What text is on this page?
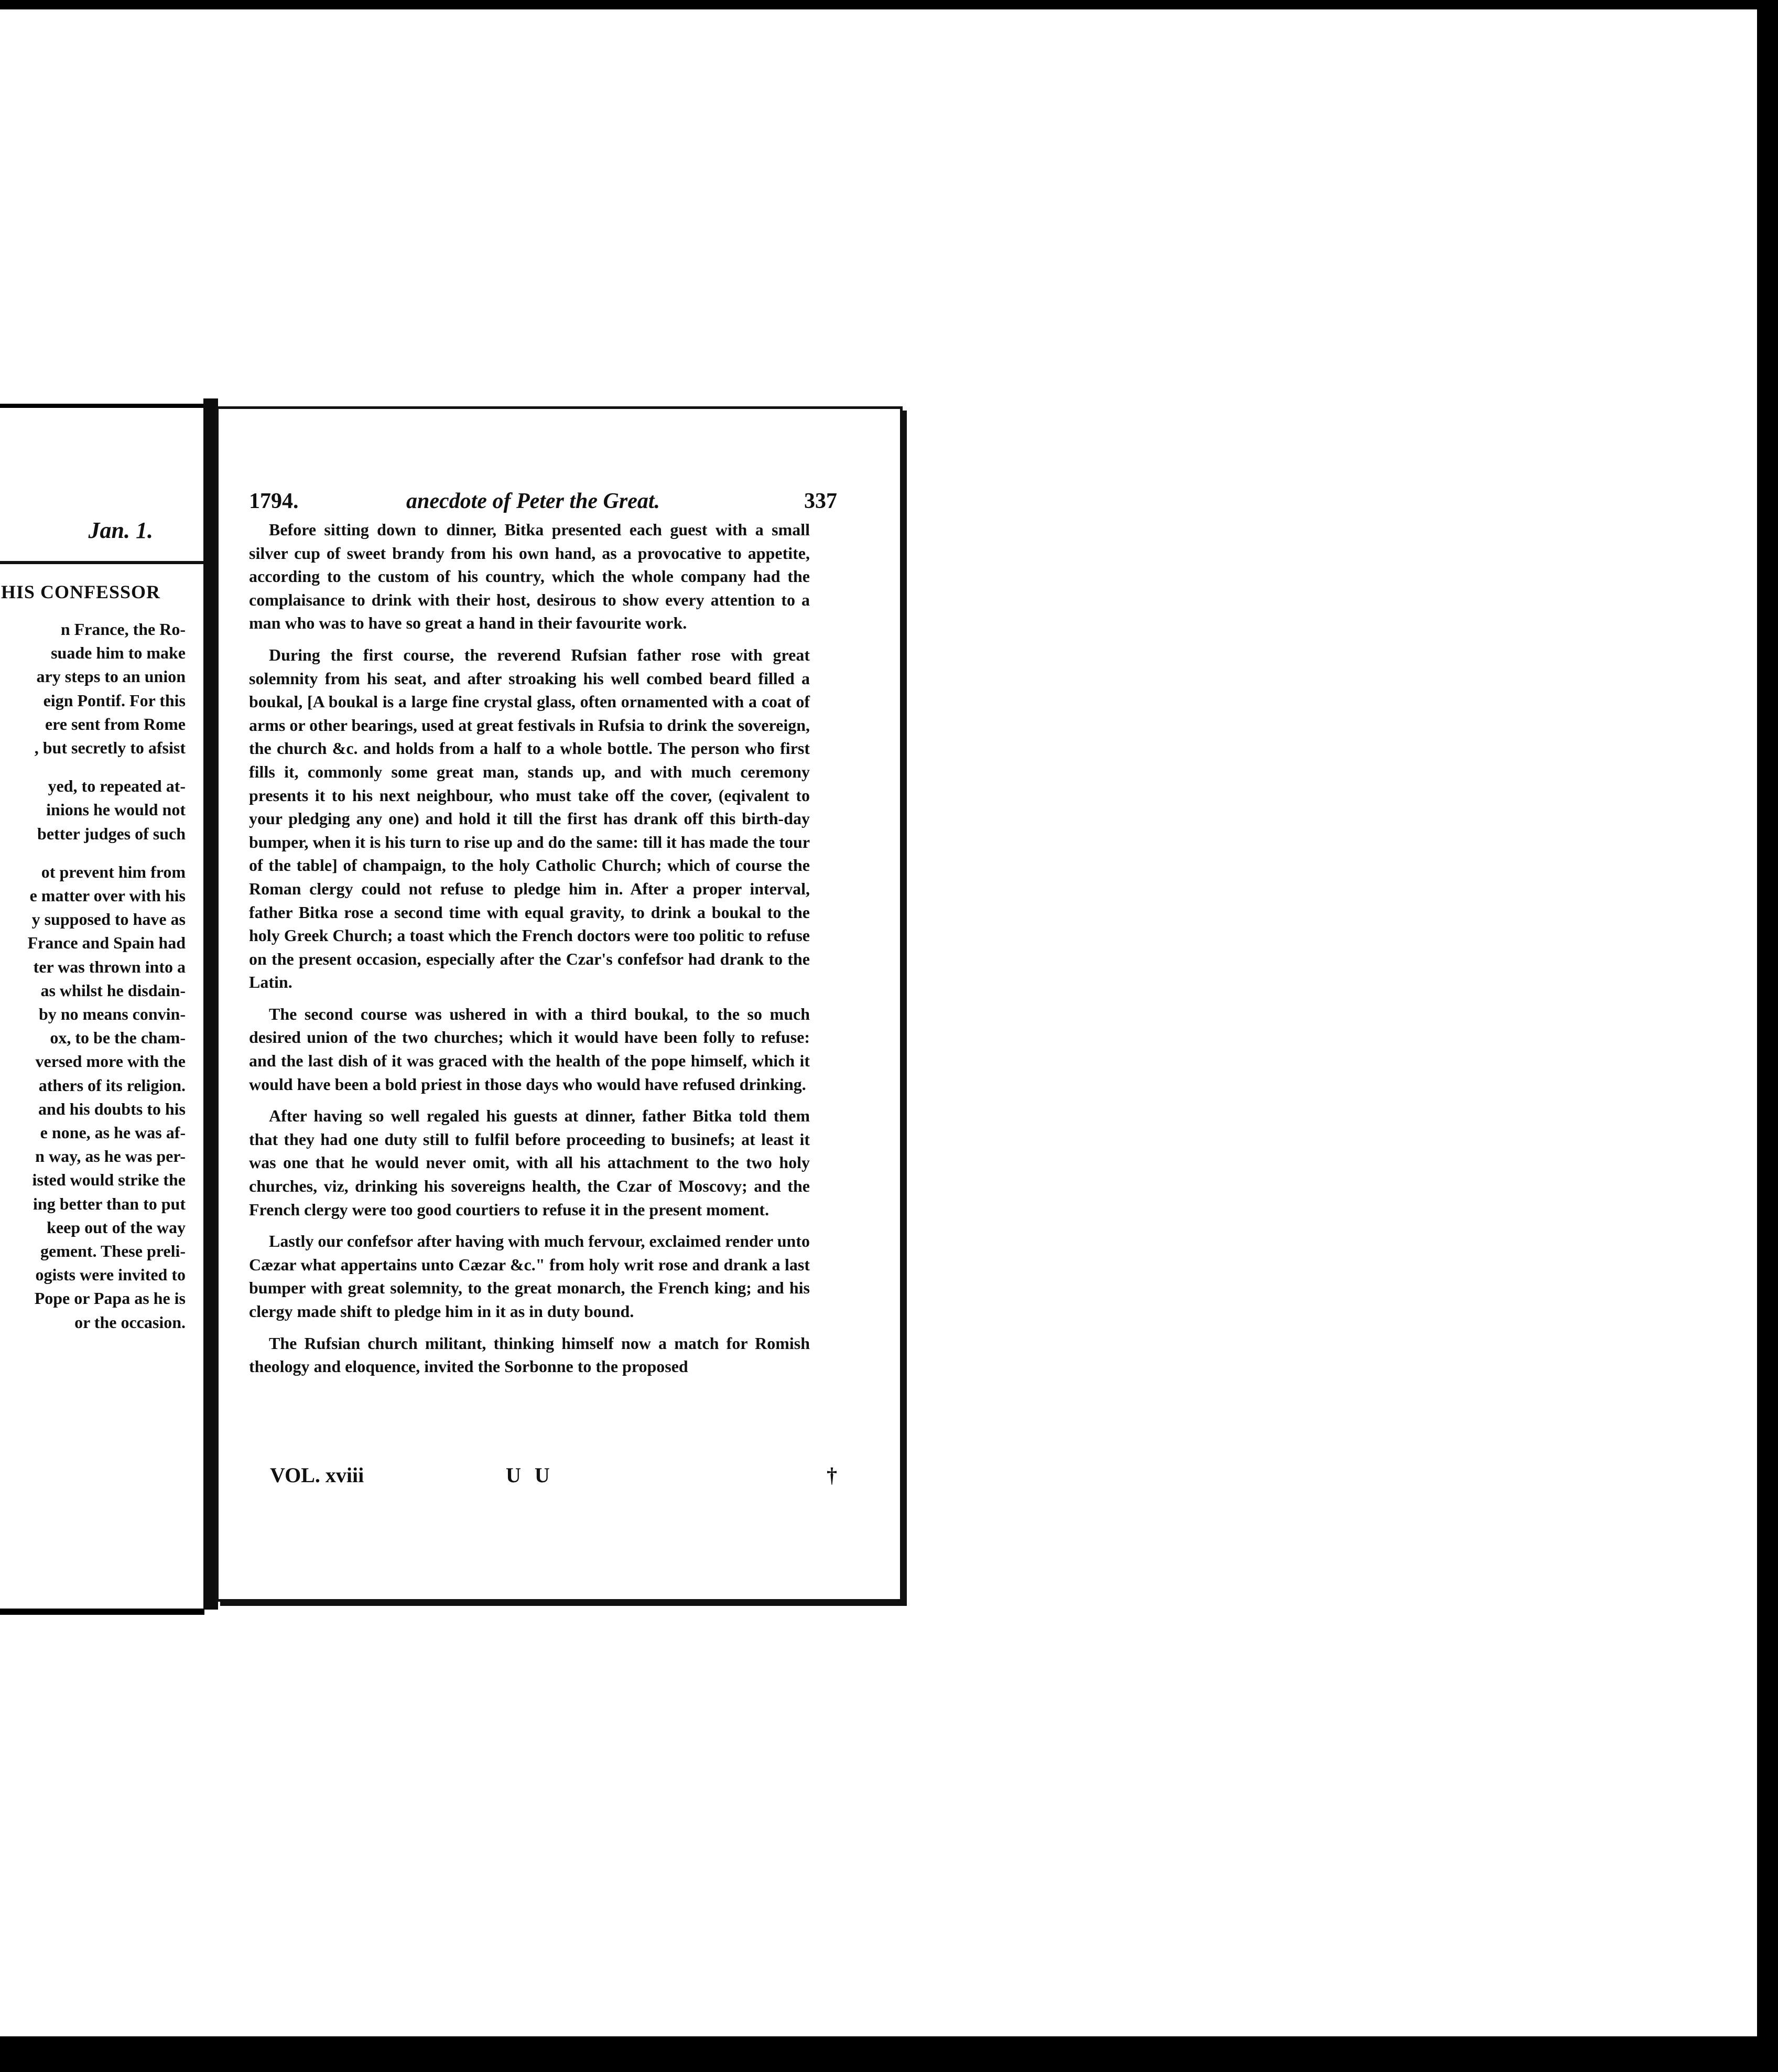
Jan. 1.
HIS CONFESSOR
n France, the Ro-
suade him to make
ary steps to an union
eign Pontif. For this
ere sent from Rome
, but secretly to afsist
yed, to repeated at-
inions he would not
better judges of such
ot prevent him from
e matter over with his
y supposed to have as
France and Spain had
ter was thrown into a
as whilst he disdain-
by no means convin-
ox, to be the cham-
versed more with the
athers of its religion.
and his doubts to his
e none, as he was af-
n way, as he was per-
isted would strike the
ing better than to put
keep out of the way
gement. These preli-
ogists were invited to
Pope or Papa as he is
or the occasion.
1794.	anecdote of Peter the Great.	337

Before sitting down to dinner, Bitka presented each guest with a small silver cup of sweet brandy from his own hand, as a provocative to appetite, according to the custom of his country, which the whole company had the complaisance to drink with their host, desirous to show every attention to a man who was to have so great a hand in their favourite work.

During the first course, the reverend Rufsian father rose with great solemnity from his seat, and after stroaking his well combed beard filled a boukal, [A boukal is a large fine crystal glass, often ornamented with a coat of arms or other bearings, used at great festivals in Rufsia to drink the sovereign, the church &c. and holds from a half to a whole bottle. The person who first fills it, commonly some great man, stands up, and with much ceremony presents it to his next neighbour, who must take off the cover, (eqivalent to your pledging any one) and hold it till the first has drank off this birth-day bumper, when it is his turn to rise up and do the same: till it has made the tour of the table] of champaign, to the holy Catholic Church; which of course the Roman clergy could not refuse to pledge him in. After a proper interval, father Bitka rose a second time with equal gravity, to drink a boukal to the holy Greek Church; a toast which the French doctors were too politic to refuse on the present occasion, especially after the Czar's confefsor had drank to the Latin.

The second course was ushered in with a third boukal, to the so much desired union of the two churches; which it would have been folly to refuse: and the last dish of it was graced with the health of the pope himself, which it would have been a bold priest in those days who would have refused drinking.

After having so well regaled his guests at dinner, father Bitka told them that they had one duty still to fulfil before proceeding to businefs; at least it was one that he would never omit, with all his attachment to the two holy churches, viz, drinking his sovereigns health, the Czar of Moscovy; and the French clergy were too good courtiers to refuse it in the present moment.

Lastly our confefsor after having with much fervour, exclaimed render unto Cæzar what appertains unto Cæzar &c." from holy writ rose and drank a last bumper with great solemnity, to the great monarch, the French king; and his clergy made shift to pledge him in it as in duty bound.

The Rufsian church militant, thinking himself now a match for Romish theology and eloquence, invited the Sorbonne to the proposed

VOL. xviii	U U	†
